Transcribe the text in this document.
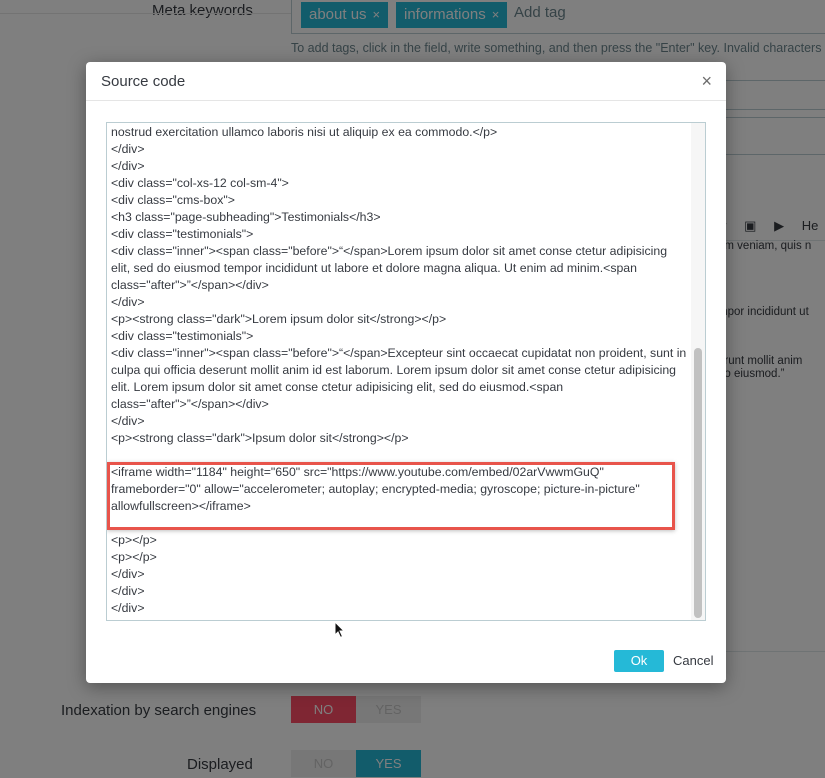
Source code	×
nostrud exercitation ullamco laboris nisi ut aliquip ex ea commodo.</p>
</div>
</div>
<div class="col-xs-12 col-sm-4">
<div class="cms-box">
<h3 class="page-subheading">Testimonials</h3>
<div class="testimonials">
<div class="inner"><span class="before">“</span>Lorem ipsum dolor sit amet conse ctetur adipisicing elit, sed do eiusmod tempor incididunt ut labore et dolore magna aliqua. Ut enim ad minim.<span class="after">”</span></div>
</div>
<p><strong class="dark">Lorem ipsum dolor sit</strong></p>
<div class="testimonials">
<div class="inner"><span class="before">“</span>Excepteur sint occaecat cupidatat non proident, sunt in culpa qui officia deserunt mollit anim id est laborum. Lorem ipsum dolor sit amet conse ctetur adipisicing elit. Lorem ipsum dolor sit amet conse ctetur adipisicing elit, sed do eiusmod.<span class="after">”</span></div>
</div>
<p><strong class="dark">Ipsum dolor sit</strong></p>
<iframe width="1184" height="650" src="https://www.youtube.com/embed/02arVwwmGuQ" frameborder="0" allow="accelerometer; autoplay; encrypted-media; gyroscope; picture-in-picture" allowfullscreen></iframe>
<p></p>
<p></p>
</div>
</div>
</div>
Ok	Cancel
